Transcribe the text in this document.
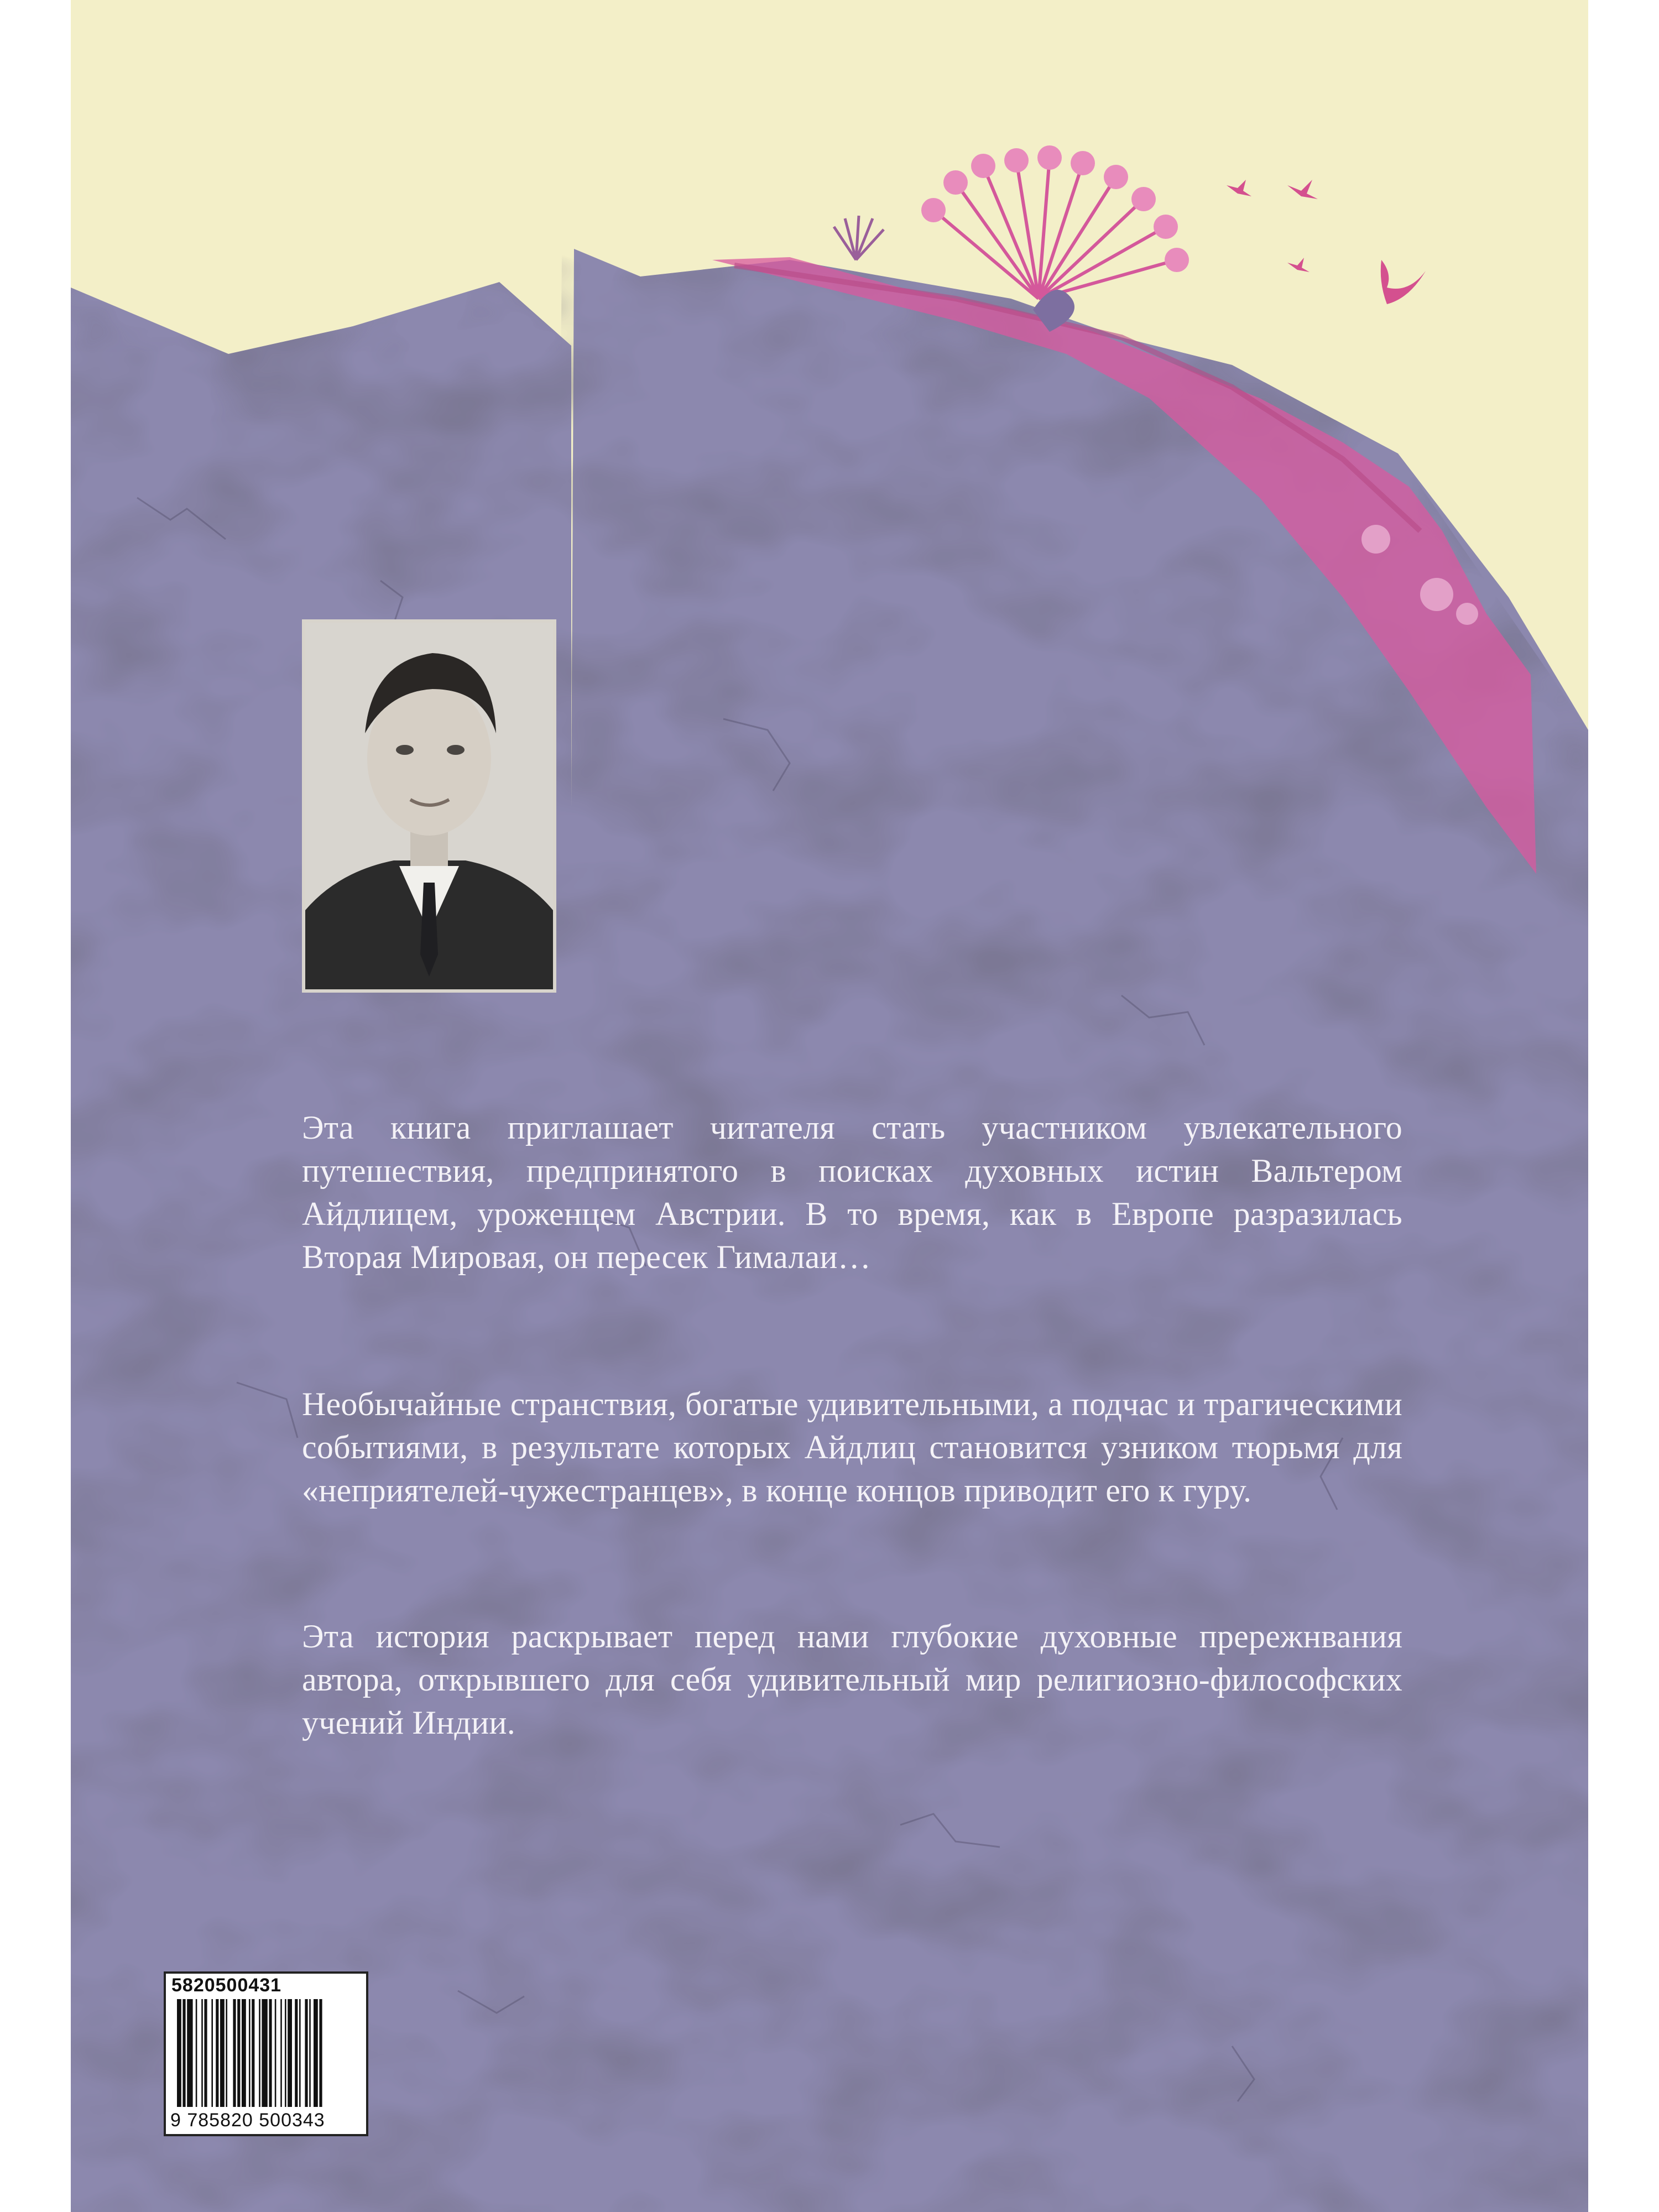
Эта книга приглашает читателя стать участником увлекательного путешествия, предпринятого в поисках духовных истин Вальтером Айдлицем, уроженцем Австрии. В то время, как в Европе разразилась Вторая Мировая, он пересек Гималаи…

Необычайные странствия, богатые удивительными, а подчас и трагическими событиями, в результате которых Айдлиц становится узником тюрьмя для «неприятелей-чужестранцев», в конце концов приводит его к гуру.

Эта история раскрывает перед нами глубокие духовные прережнвания автора, открывшего для себя удивительный мир религиозно-философских учений Индии.

5820500431
9 785820 500343
